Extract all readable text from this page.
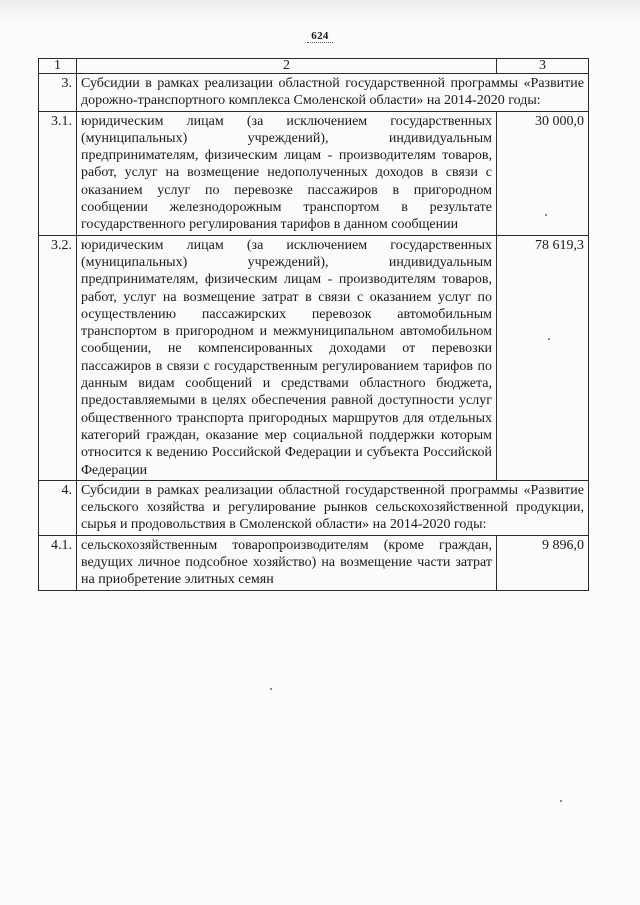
624
1	2	3
3.	Субсидии в рамках реализации областной государственной программы «Развитие дорожно-транспортного комплекса Смоленской области» на 2014-2020 годы:	
3.1.	юридическим лицам (за исключением государственных (муниципальных) учреждений), индивидуальным предпринимателям, физическим лицам - производителям товаров, работ, услуг на возмещение недополученных доходов в связи с оказанием услуг по перевозке пассажиров в пригородном сообщении железнодорожным транспортом в результате государственного регулирования тарифов в данном сообщении	30 000,0
3.2.	юридическим лицам (за исключением государственных (муниципальных) учреждений), индивидуальным предпринимателям, физическим лицам - производителям товаров, работ, услуг на возмещение затрат в связи с оказанием услуг по осуществлению пассажирских перевозок автомобильным транспортом в пригородном и межмуниципальном автомобильном сообщении, не компенсированных доходами от перевозки пассажиров в связи с государственным регулированием тарифов по данным видам сообщений и средствами областного бюджета, предоставляемыми в целях обеспечения равной доступности услуг общественного транспорта пригородных маршрутов для отдельных категорий граждан, оказание мер социальной поддержки которым относится к ведению Российской Федерации и субъекта Российской Федерации	78 619,3
4.	Субсидии в рамках реализации областной государственной программы «Развитие сельского хозяйства и регулирование рынков сельскохозяйственной продукции, сырья и продовольствия в Смоленской области» на 2014-2020 годы:	
4.1.	сельскохозяйственным товаропроизводителям (кроме граждан, ведущих личное подсобное хозяйство) на возмещение части затрат на приобретение элитных семян	9 896,0
